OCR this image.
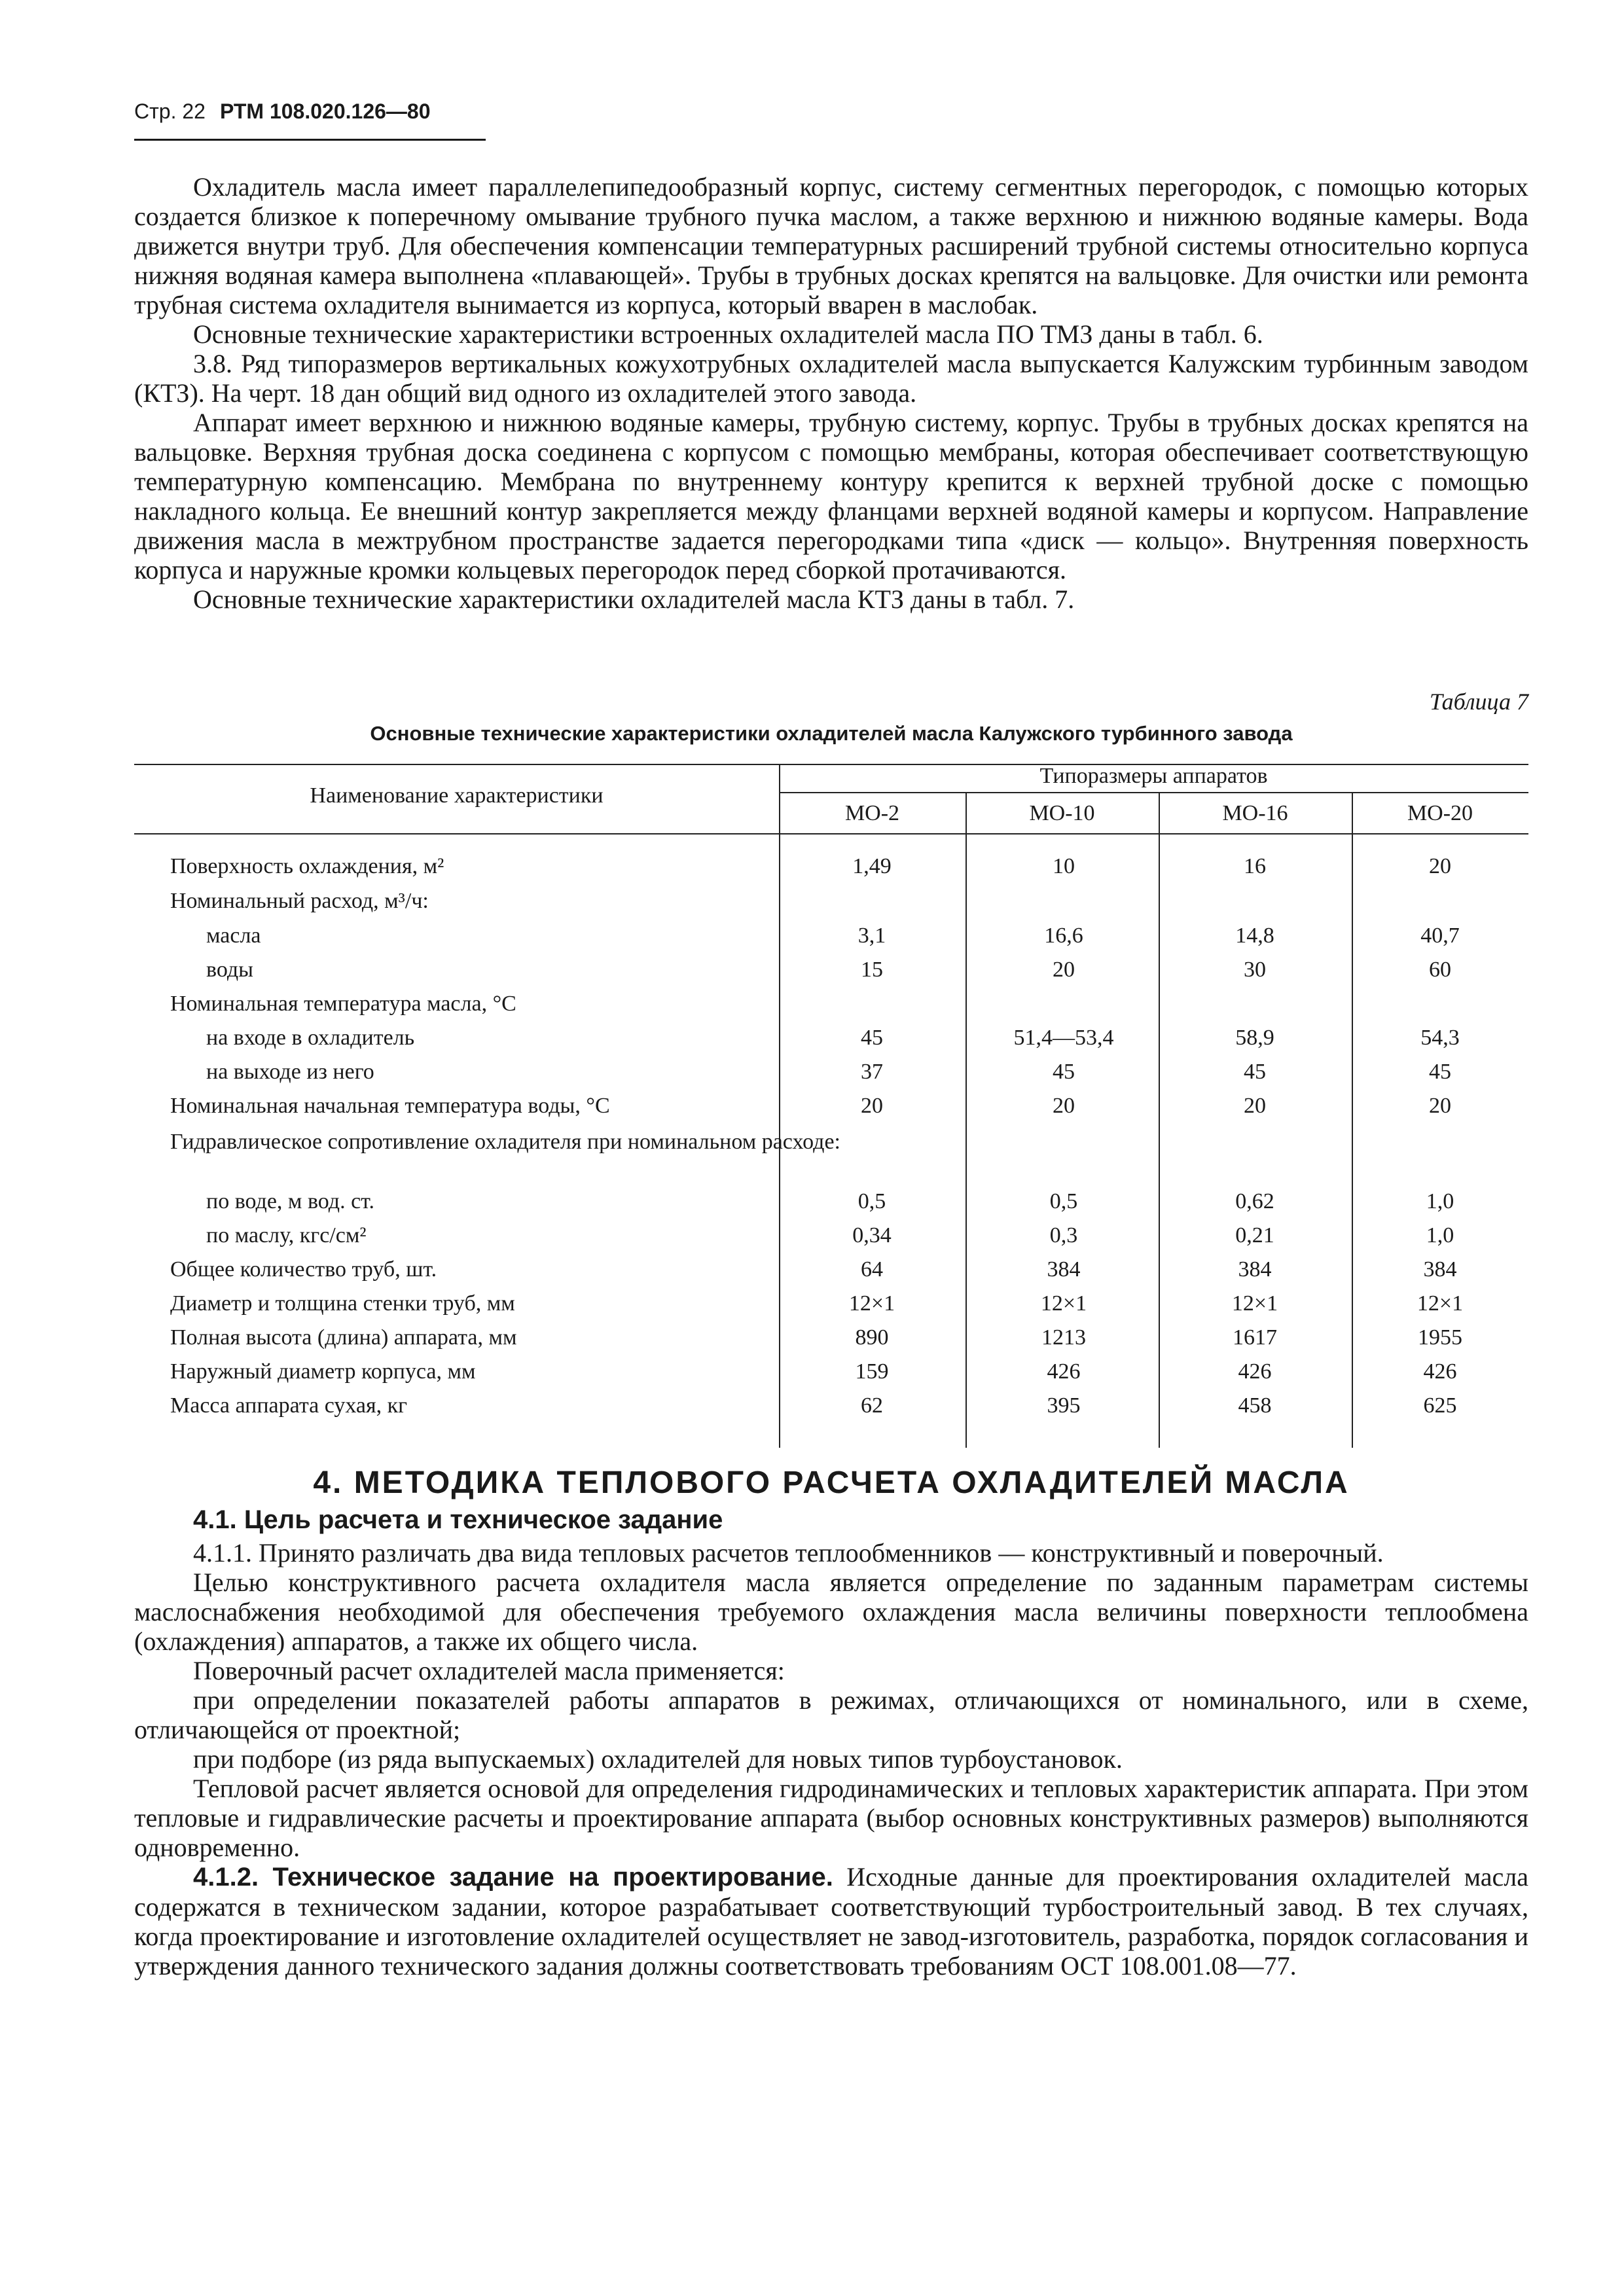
Стр. 22 РТМ 108.020.126—80

Охладитель масла имеет параллелепипедообразный корпус, систему сегментных перегородок, с помощью которых создается близкое к поперечному омывание трубного пучка маслом, а также верхнюю и нижнюю водяные камеры. Вода движется внутри труб. Для обеспечения компенсации температурных расширений трубной системы относительно корпуса нижняя водяная камера выполнена «плавающей». Трубы в трубных досках крепятся на вальцовке. Для очистки или ремонта трубная система охладителя вынимается из корпуса, который вварен в маслобак.

Основные технические характеристики встроенных охладителей масла ПО ТМЗ даны в табл. 6.

3.8. Ряд типоразмеров вертикальных кожухотрубных охладителей масла выпускается Калужским турбинным заводом (КТЗ). На черт. 18 дан общий вид одного из охладителей этого завода.

Аппарат имеет верхнюю и нижнюю водяные камеры, трубную систему, корпус. Трубы в трубных досках крепятся на вальцовке. Верхняя трубная доска соединена с корпусом с помощью мембраны, которая обеспечивает соответствующую температурную компенсацию. Мембрана по внутреннему контуру крепится к верхней трубной доске с помощью накладного кольца. Ее внешний контур закрепляется между фланцами верхней водяной камеры и корпусом. Направление движения масла в межтрубном пространстве задается перегородками типа «диск — кольцо». Внутренняя поверхность корпуса и наружные кромки кольцевых перегородок перед сборкой протачиваются.

Основные технические характеристики охладителей масла КТЗ даны в табл. 7.

Таблица 7
Основные технические характеристики охладителей масла Калужского турбинного завода
Наименование характеристики
Типоразмеры аппаратов
МО-2	МО-10	МО-16	МО-20
Поверхность охлаждения, м²	1,49	10	16	20
Номинальный расход, м³/ч:
масла	3,1	16,6	14,8	40,7
воды	15	20	30	60
Номинальная температура масла, °С
на входе в охладитель	45	51,4—53,4	58,9	54,3
на выходе из него	37	45	45	45
Номинальная начальная температура воды, °С	20	20	20	20
Гидравлическое сопротивление охладителя при номинальном расходе:
по воде, м вод. ст.	0,5	0,5	0,62	1,0
по маслу, кгс/см²	0,34	0,3	0,21	1,0
Общее количество труб, шт.	64	384	384	384
Диаметр и толщина стенки труб, мм	12×1	12×1	12×1	12×1
Полная высота (длина) аппарата, мм	890	1213	1617	1955
Наружный диаметр корпуса, мм	159	426	426	426
Масса аппарата сухая, кг	62	395	458	625
4. МЕТОДИКА ТЕПЛОВОГО РАСЧЕТА ОХЛАДИТЕЛЕЙ МАСЛА
4.1. Цель расчета и техническое задание

4.1.1. Принято различать два вида тепловых расчетов теплообменников — конструктивный и поверочный.

Целью конструктивного расчета охладителя масла является определение по заданным параметрам системы маслоснабжения необходимой для обеспечения требуемого охлаждения масла величины поверхности теплообмена (охлаждения) аппаратов, а также их общего числа.

Поверочный расчет охладителей масла применяется:

при определении показателей работы аппаратов в режимах, отличающихся от номинального, или в схеме, отличающейся от проектной;

при подборе (из ряда выпускаемых) охладителей для новых типов турбоустановок.

Тепловой расчет является основой для определения гидродинамических и тепловых характеристик аппарата. При этом тепловые и гидравлические расчеты и проектирование аппарата (выбор основных конструктивных размеров) выполняются одновременно.

4.1.2. Техническое задание на проектирование. Исходные данные для проектирования охладителей масла содержатся в техническом задании, которое разрабатывает соответствующий турбостроительный завод. В тех случаях, когда проектирование и изготовление охладителей осуществляет не завод-изготовитель, разработка, порядок согласования и утверждения данного технического задания должны соответствовать требованиям ОСТ 108.001.08—77.
